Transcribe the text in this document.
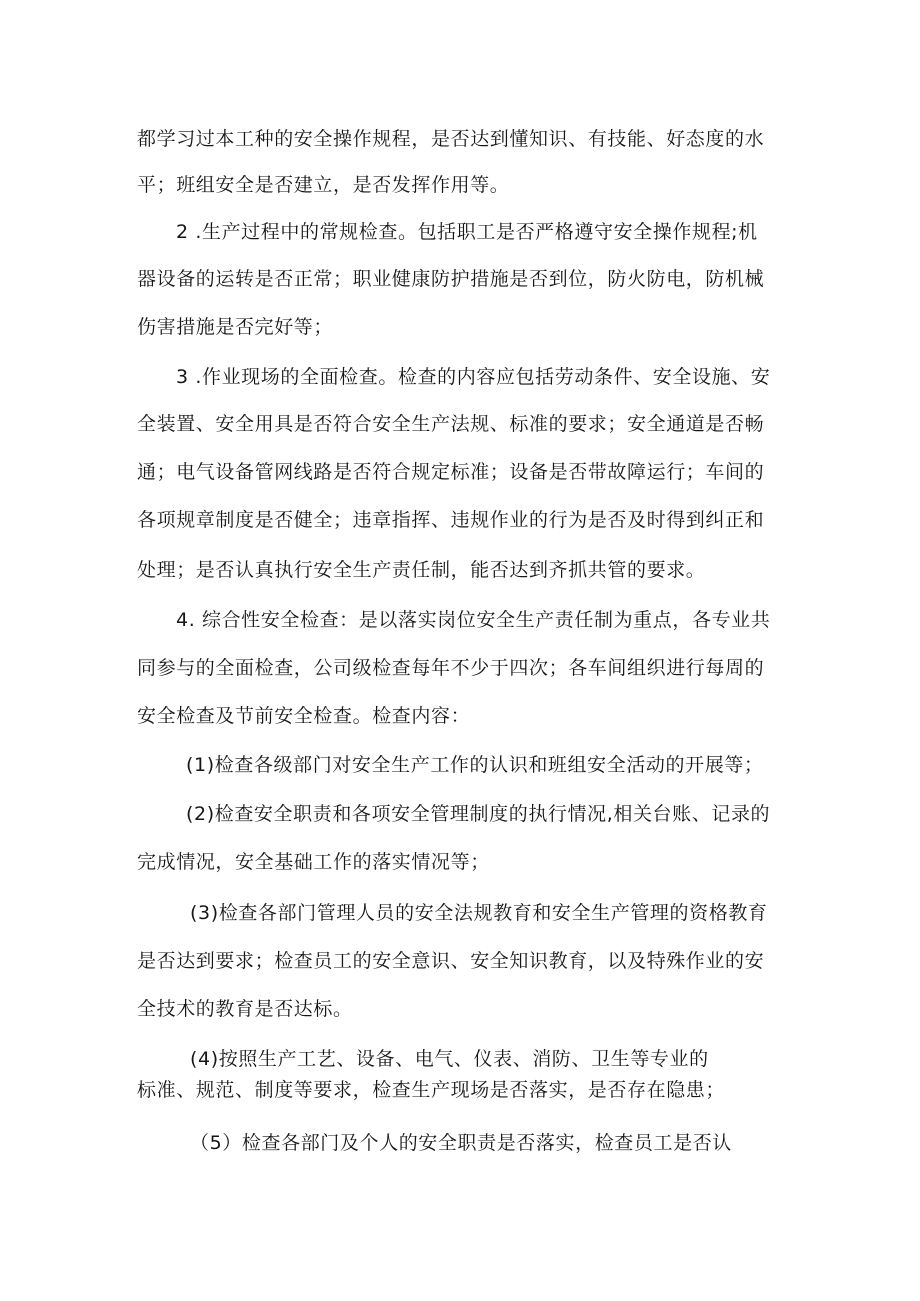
都学习过本工种的安全操作规程，是否达到懂知识、有技能、好态度的水
平；班组安全是否建立，是否发挥作用等。
2 .生产过程中的常规检查。包括职工是否严格遵守安全操作规程;机
器设备的运转是否正常；职业健康防护措施是否到位，防火防电，防机械
伤害措施是否完好等；
3 .作业现场的全面检查。检查的内容应包括劳动条件、安全设施、安
全装置、安全用具是否符合安全生产法规、标准的要求；安全通道是否畅
通；电气设备管网线路是否符合规定标准；设备是否带故障运行；车间的
各项规章制度是否健全；违章指挥、违规作业的行为是否及时得到纠正和
处理；是否认真执行安全生产责任制，能否达到齐抓共管的要求。
4. 综合性安全检查：是以落实岗位安全生产责任制为重点，各专业共
同参与的全面检查，公司级检查每年不少于四次；各车间组织进行每周的
安全检查及节前安全检查。检查内容：
(1)检查各级部门对安全生产工作的认识和班组安全活动的开展等；
(2)检查安全职责和各项安全管理制度的执行情况,相关台账、记录的
完成情况，安全基础工作的落实情况等；
(3)检查各部门管理人员的安全法规教育和安全生产管理的资格教育
是否达到要求；检查员工的安全意识、安全知识教育，以及特殊作业的安
全技术的教育是否达标。
(4)按照生产工艺、设备、电气、仪表、消防、卫生等专业的
标准、规范、制度等要求，检查生产现场是否落实，是否存在隐患；
（5）检查各部门及个人的安全职责是否落实，检查员工是否认
